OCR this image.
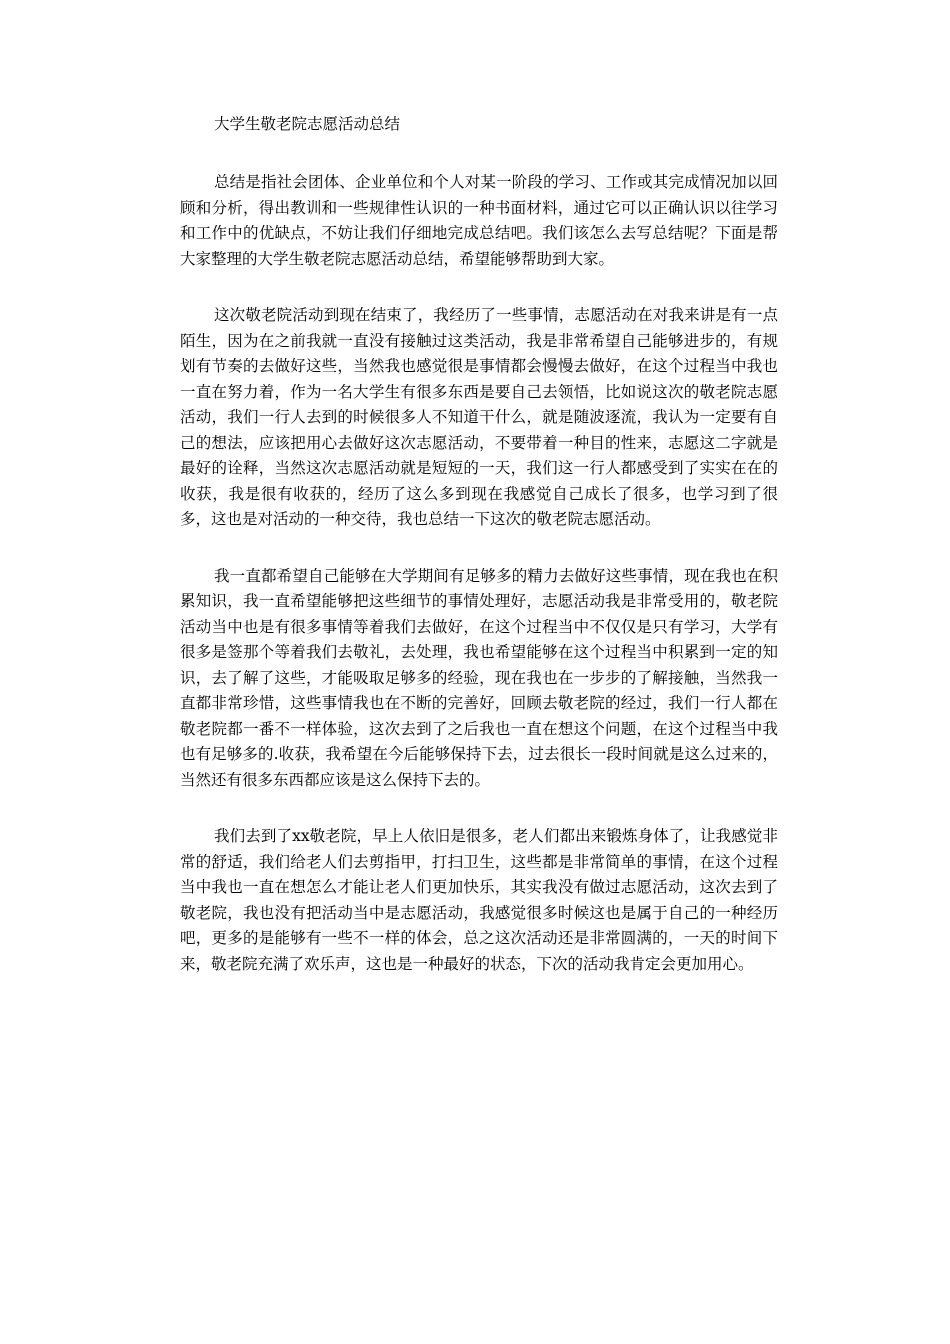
大学生敬老院志愿活动总结

总结是指社会团体、企业单位和个人对某一阶段的学习、工作或其完成情况加以回顾和分析，得出教训和一些规律性认识的一种书面材料，通过它可以正确认识以往学习和工作中的优缺点，不妨让我们仔细地完成总结吧。我们该怎么去写总结呢？下面是帮大家整理的大学生敬老院志愿活动总结，希望能够帮助到大家。

这次敬老院活动到现在结束了，我经历了一些事情，志愿活动在对我来讲是有一点陌生，因为在之前我就一直没有接触过这类活动，我是非常希望自己能够进步的，有规划有节奏的去做好这些，当然我也感觉很是事情都会慢慢去做好，在这个过程当中我也一直在努力着，作为一名大学生有很多东西是要自己去领悟，比如说这次的敬老院志愿活动，我们一行人去到的时候很多人不知道干什么，就是随波逐流，我认为一定要有自己的想法，应该把用心去做好这次志愿活动，不要带着一种目的性来，志愿这二字就是最好的诠释，当然这次志愿活动就是短短的一天，我们这一行人都感受到了实实在在的收获，我是很有收获的，经历了这么多到现在我感觉自己成长了很多，也学习到了很多，这也是对活动的一种交待，我也总结一下这次的敬老院志愿活动。

我一直都希望自己能够在大学期间有足够多的精力去做好这些事情，现在我也在积累知识，我一直希望能够把这些细节的事情处理好，志愿活动我是非常受用的，敬老院活动当中也是有很多事情等着我们去做好，在这个过程当中不仅仅是只有学习，大学有很多是签那个等着我们去敬礼，去处理，我也希望能够在这个过程当中积累到一定的知识，去了解了这些，才能吸取足够多的经验，现在我也在一步步的了解接触，当然我一直都非常珍惜，这些事情我也在不断的完善好，回顾去敬老院的经过，我们一行人都在敬老院都一番不一样体验，这次去到了之后我也一直在想这个问题，在这个过程当中我也有足够多的.收获，我希望在今后能够保持下去，过去很长一段时间就是这么过来的，当然还有很多东西都应该是这么保持下去的。

我们去到了xx敬老院，早上人依旧是很多，老人们都出来锻炼身体了，让我感觉非常的舒适，我们给老人们去剪指甲，打扫卫生，这些都是非常简单的事情，在这个过程当中我也一直在想怎么才能让老人们更加快乐，其实我没有做过志愿活动，这次去到了敬老院，我也没有把活动当中是志愿活动，我感觉很多时候这也是属于自己的一种经历吧，更多的是能够有一些不一样的体会，总之这次活动还是非常圆满的，一天的时间下来，敬老院充满了欢乐声，这也是一种最好的状态，下次的活动我肯定会更加用心。
